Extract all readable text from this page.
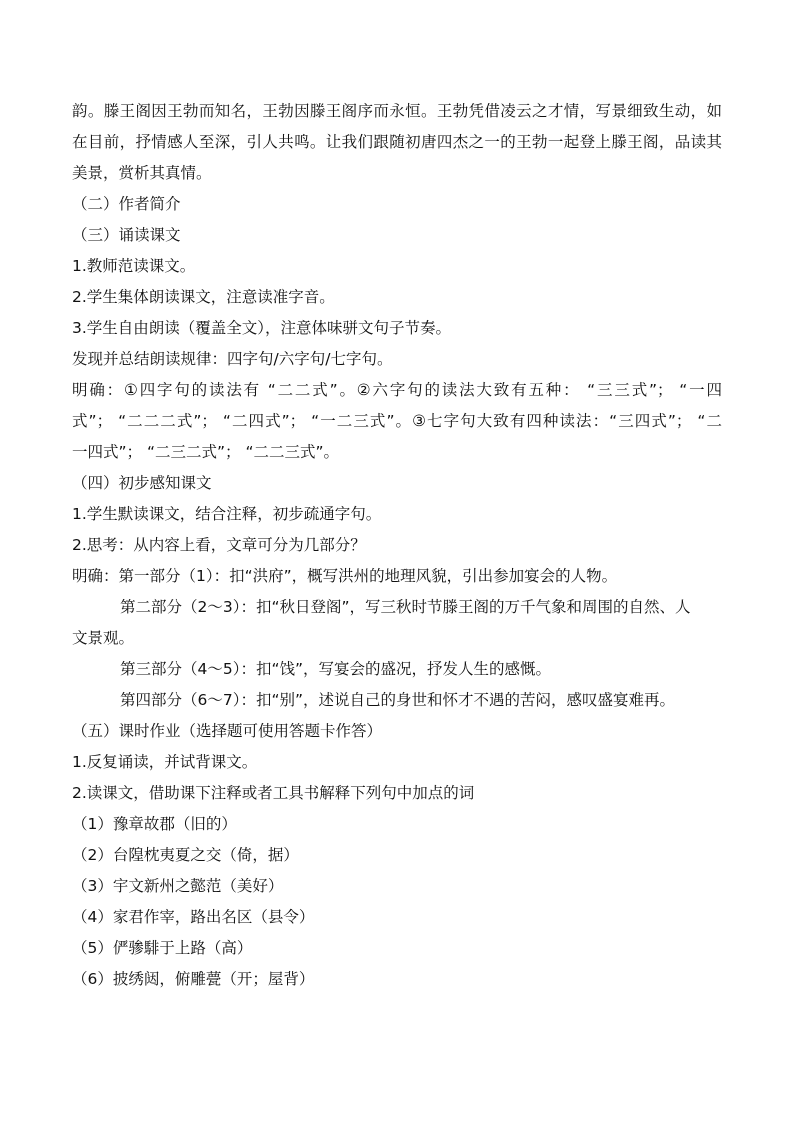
韵。滕王阁因王勃而知名，王勃因滕王阁序而永恒。王勃凭借凌云之才情，写景细致生动，如
在目前，抒情感人至深，引人共鸣。让我们跟随初唐四杰之一的王勃一起登上滕王阁，品读其
美景，赏析其真情。
（二）作者简介
（三）诵读课文
1.教师范读课文。
2.学生集体朗读课文，注意读准字音。
3.学生自由朗读（覆盖全文），注意体味骈文句子节奏。
发现并总结朗读规律：四字句/六字句/七字句。
明确：①四字句的读法有 “二二式”。②六字句的读法大致有五种： “三三式”； “一四
式”； “二二二式”； “二四式”； “一二三式”。③七字句大致有四种读法：“三四式”； “二
一四式”； “二三二式”； “二二三式”。
（四）初步感知课文
1.学生默读课文，结合注释，初步疏通字句。
2.思考：从内容上看，文章可分为几部分？
明确：第一部分（1）：扣“洪府”，概写洪州的地理风貌，引出参加宴会的人物。
第二部分（2～3）：扣“秋日登阁”，写三秋时节滕王阁的万千气象和周围的自然、人
文景观。
第三部分（4～5）：扣“饯”，写宴会的盛况，抒发人生的感慨。
第四部分（6～7）：扣“别”，述说自己的身世和怀才不遇的苦闷，感叹盛宴难再。
（五）课时作业（选择题可使用答题卡作答）
1.反复诵读，并试背课文。
2.读课文，借助课下注释或者工具书解释下列句中加点的词
（1）豫章故郡（旧的）
（2）台隍枕夷夏之交（倚，据）
（3）宇文新州之懿范（美好）
（4）家君作宰，路出名区（县令）
（5）俨骖騑于上路（高）
（6）披绣闼，俯雕甍（开；屋背）
